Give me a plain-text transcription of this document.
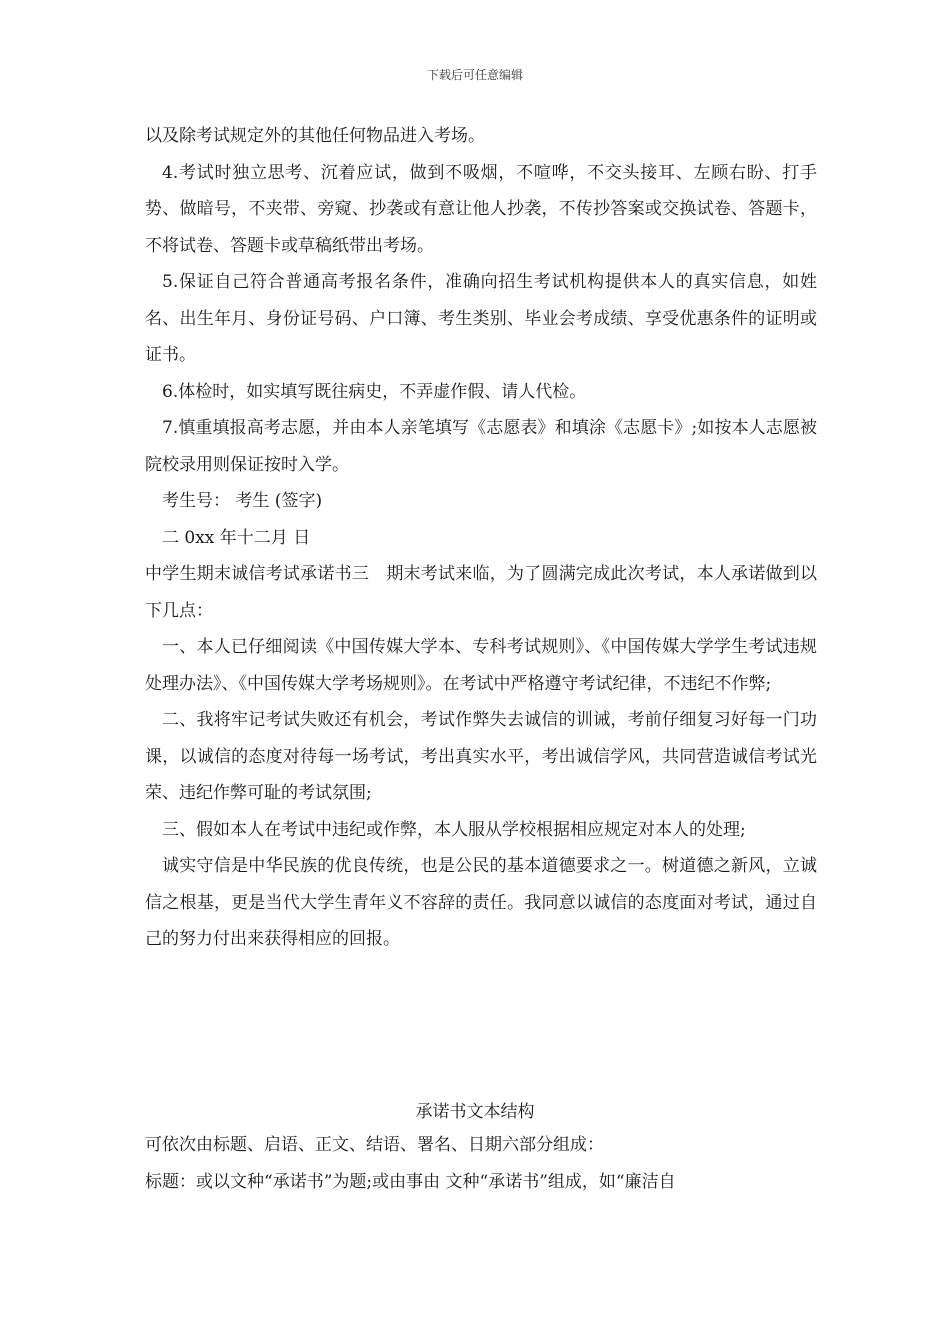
下载后可任意编辑

以及除考试规定外的其他任何物品进入考场。

4.考试时独立思考、沉着应试，做到不吸烟，不喧哗，不交头接耳、左顾右盼、打手势、做暗号，不夹带、旁窥、抄袭或有意让他人抄袭，不传抄答案或交换试卷、答题卡，不将试卷、答题卡或草稿纸带出考场。

5.保证自己符合普通高考报名条件，准确向招生考试机构提供本人的真实信息，如姓名、出生年月、身份证号码、户口簿、考生类别、毕业会考成绩、享受优惠条件的证明或证书。

6.体检时，如实填写既往病史，不弄虚作假、请人代检。

7.慎重填报高考志愿，并由本人亲笔填写《志愿表》和填涂《志愿卡》;如按本人志愿被院校录用则保证按时入学。

考生号： 考生 (签字)

二 0xx 年十二月 日

中学生期末诚信考试承诺书三　期末考试来临，为了圆满完成此次考试，本人承诺做到以下几点：

一、本人已仔细阅读《中国传媒大学本、专科考试规则》、《中国传媒大学学生考试违规处理办法》、《中国传媒大学考场规则》。在考试中严格遵守考试纪律，不违纪不作弊;

二、我将牢记考试失败还有机会，考试作弊失去诚信的训诫，考前仔细复习好每一门功课，以诚信的态度对待每一场考试，考出真实水平，考出诚信学风，共同营造诚信考试光荣、违纪作弊可耻的考试氛围;

三、假如本人在考试中违纪或作弊，本人服从学校根据相应规定对本人的处理;

诚实守信是中华民族的优良传统，也是公民的基本道德要求之一。树道德之新风，立诚信之根基，更是当代大学生青年义不容辞的责任。我同意以诚信的态度面对考试，通过自己的努力付出来获得相应的回报。

承诺书文本结构

可依次由标题、启语、正文、结语、署名、日期六部分组成：

标题：或以文种“承诺书”为题;或由事由 文种“承诺书”组成，如“廉洁自
